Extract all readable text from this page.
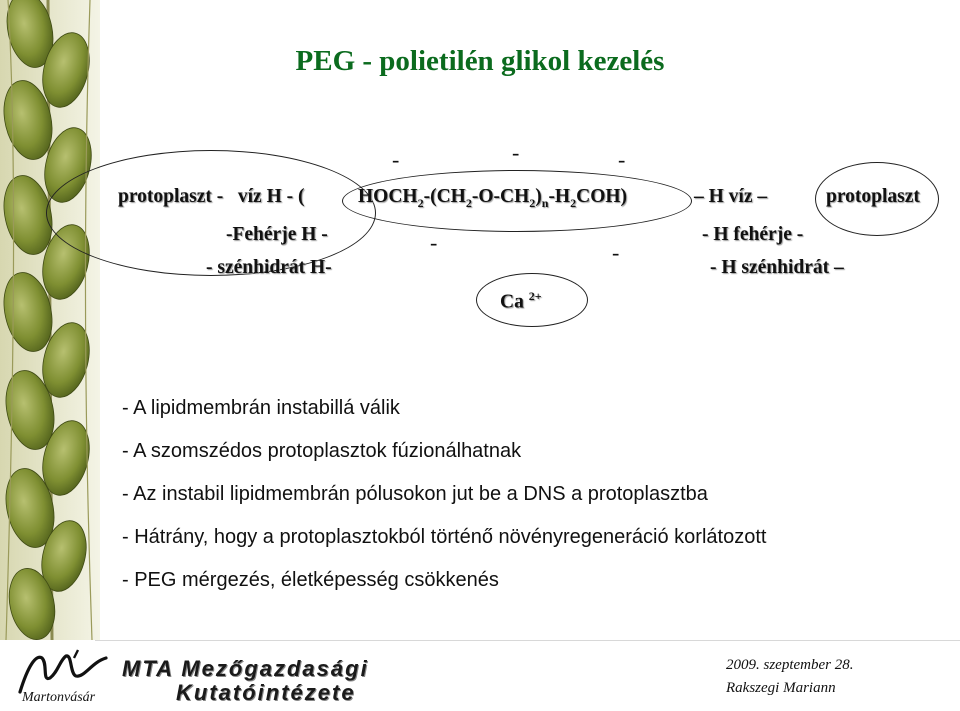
PEG - polietilén glikol kezelés
-	-	-
-	-
protoplaszt - víz H - (	$HOCH_2-(CH_2-O-CH_2)_n-H_2COH$)	– H víz –	protoplaszt
-Fehérje H -	- H fehérje -
- szénhidrát H-	- H szénhidrát –
Ca $^{2+}$
- A lipidmembrán instabillá válik
- A szomszédos protoplasztok fúzionálhatnak
- Az instabil lipidmembrán pólusokon jut be a DNS a protoplasztba
- Hátrány, hogy a protoplasztokból történő növényregeneráció korlátozott
- PEG mérgezés, életképesség csökkenés
Martonvásár
MTA Mezőgazdasági
Kutatóintézete
2009. szeptember 28.
Rakszegi Mariann
